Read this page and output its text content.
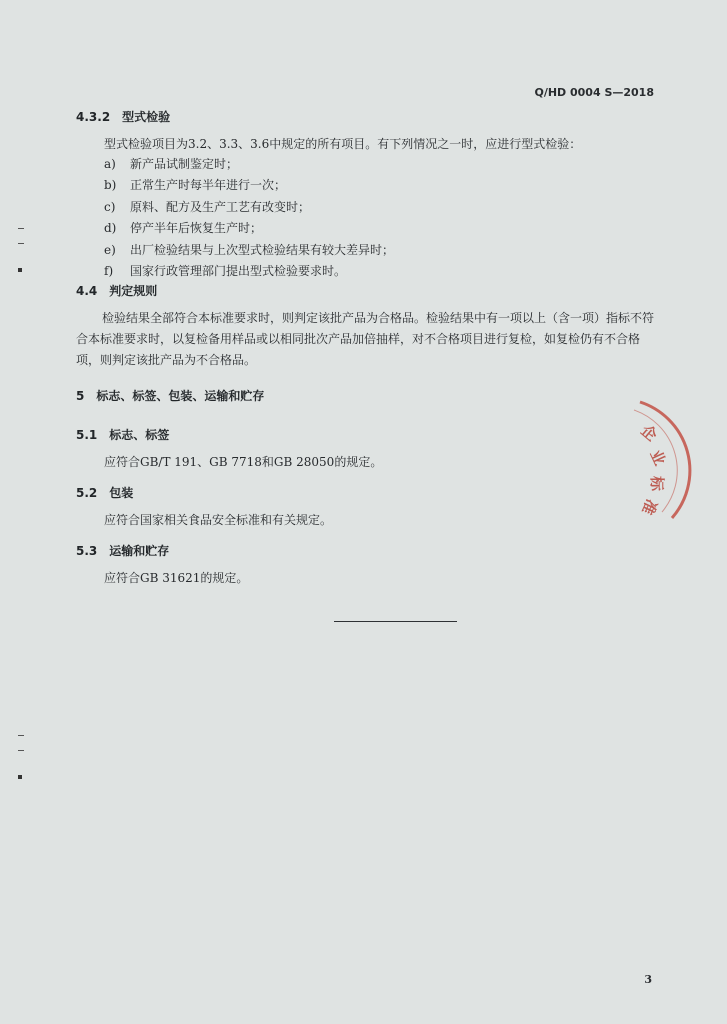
Q/HD 0004 S—2018
4.3.2 型式检验
型式检验项目为3.2、3.3、3.6中规定的所有项目。有下列情况之一时，应进行型式检验：
a) 新产品试制鉴定时；
b) 正常生产时每半年进行一次；
c) 原料、配方及生产工艺有改变时；
d) 停产半年后恢复生产时；
e) 出厂检验结果与上次型式检验结果有较大差异时；
f) 国家行政管理部门提出型式检验要求时。
4.4 判定规则
检验结果全部符合本标准要求时，则判定该批产品为合格品。检验结果中有一项以上（含一项）指标不符合本标准要求时，以复检备用样品或以相同批次产品加倍抽样，对不合格项目进行复检，如复检仍有不合格项，则判定该批产品为不合格品。
5 标志、标签、包装、运输和贮存
5.1 标志、标签
应符合GB/T 191、GB 7718和GB 28050的规定。
5.2 包装
应符合国家相关食品安全标准和有关规定。
5.3 运输和贮存
应符合GB 31621的规定。
企
业
标
准
3
